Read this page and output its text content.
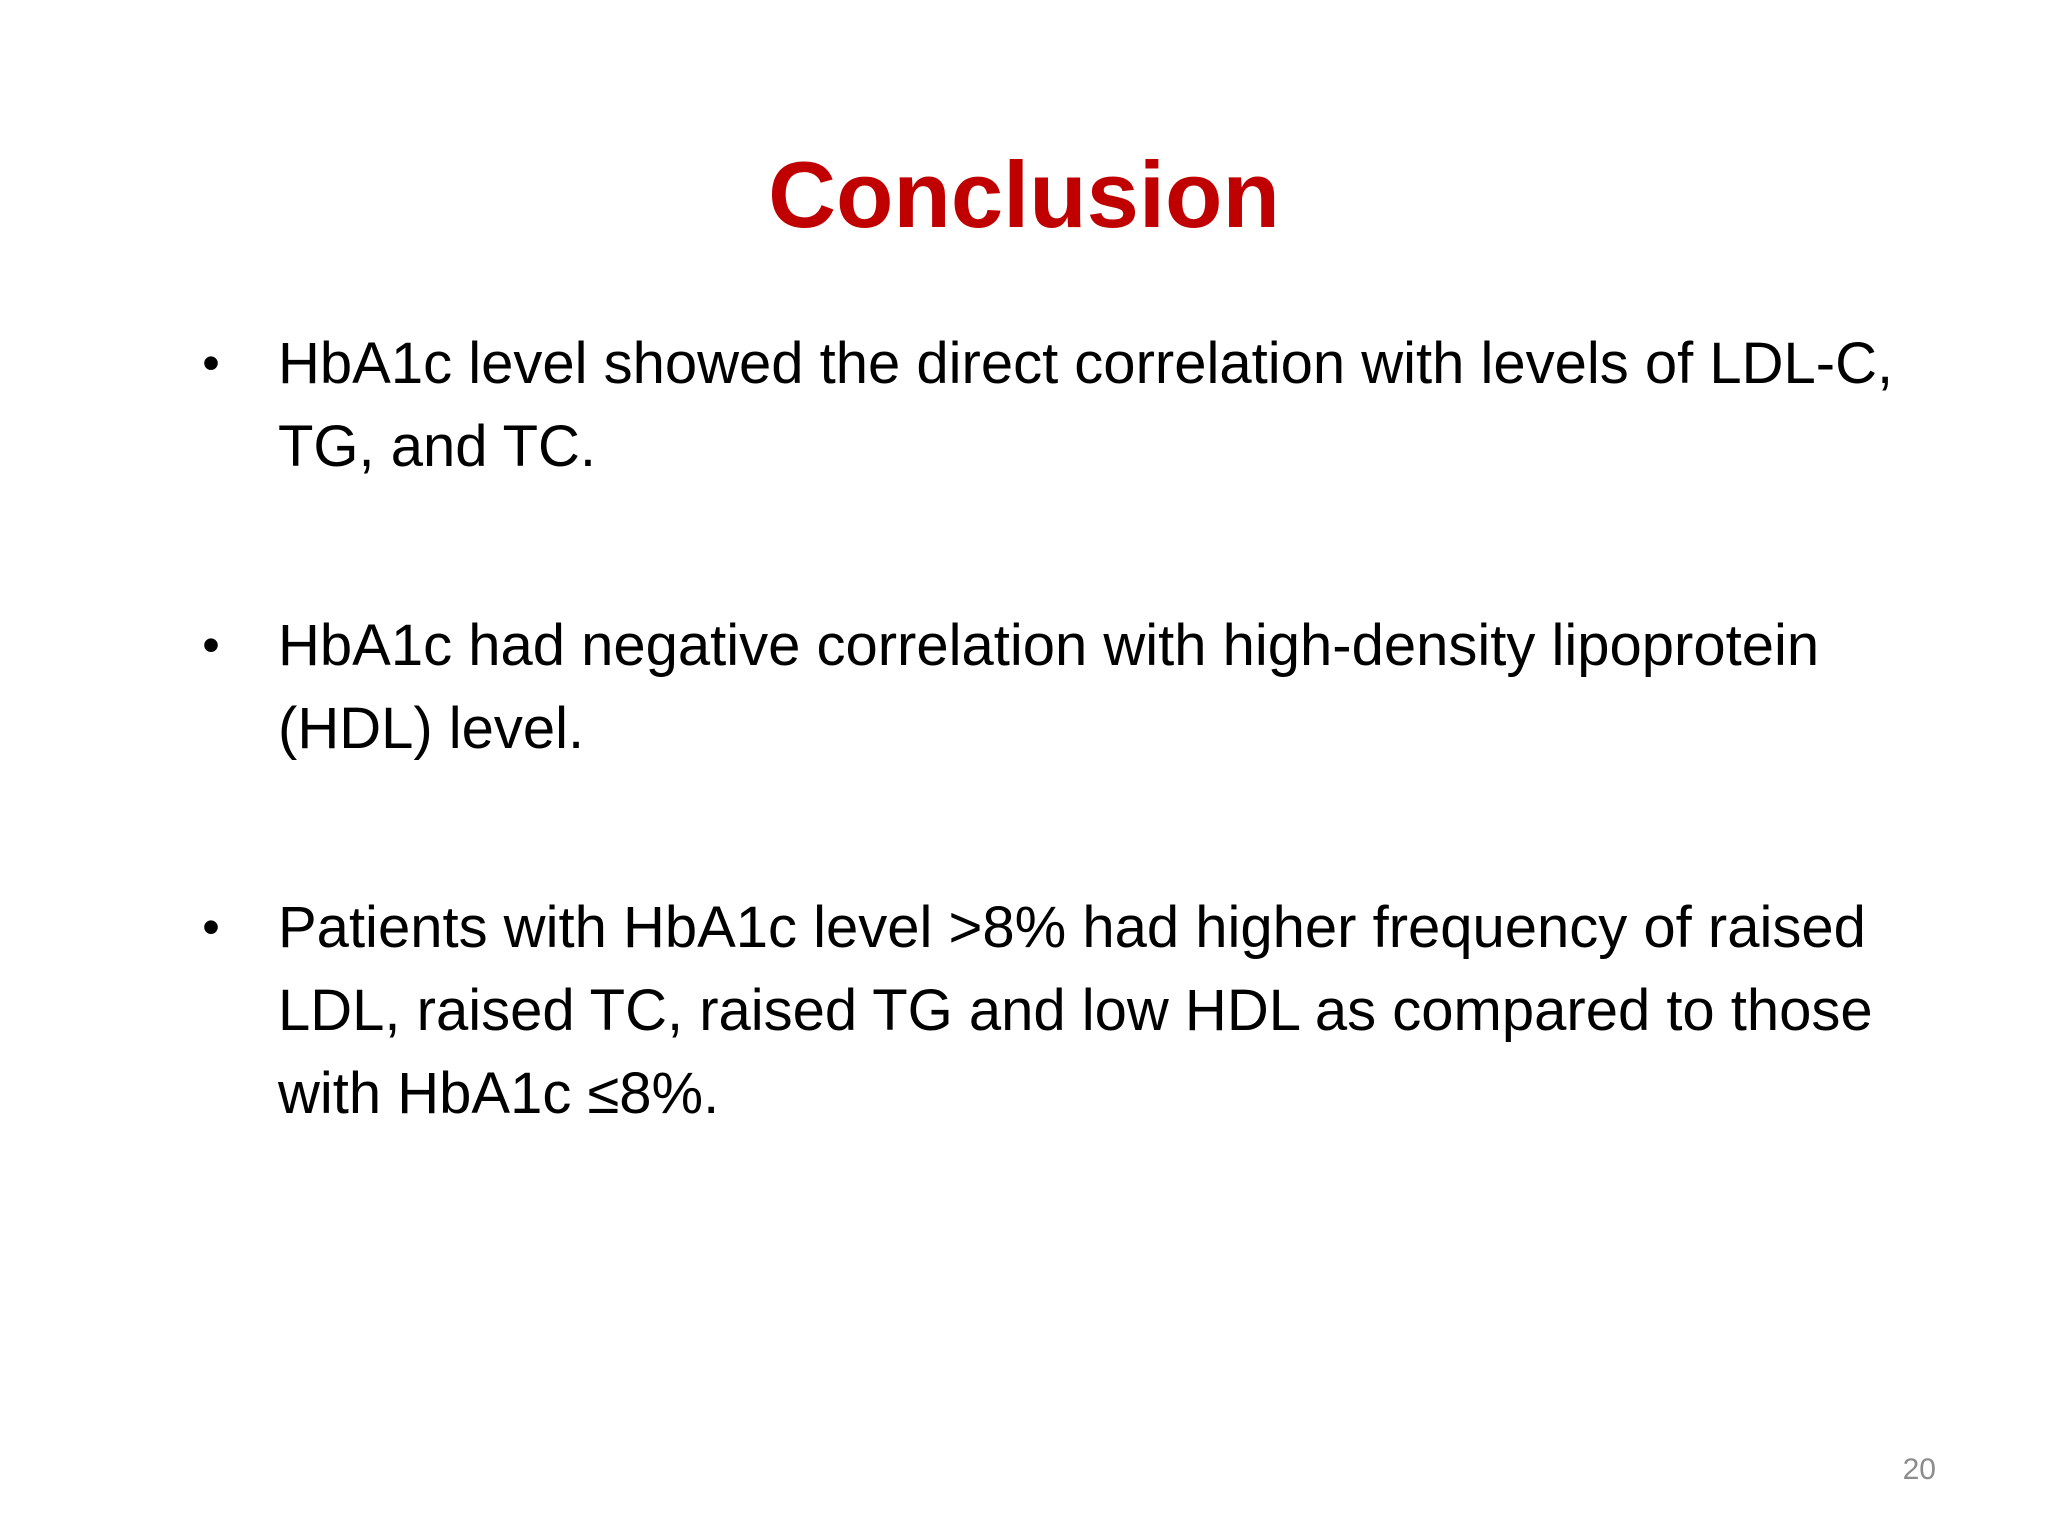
Conclusion
• HbA1c level showed the direct correlation with levels of LDL-C, TG, and TC.
• HbA1c had negative correlation with high-density lipoprotein (HDL) level.
• Patients with HbA1c level >8% had higher frequency of raised LDL, raised TC, raised TG and low HDL as compared to those with HbA1c ≤8%.
20
